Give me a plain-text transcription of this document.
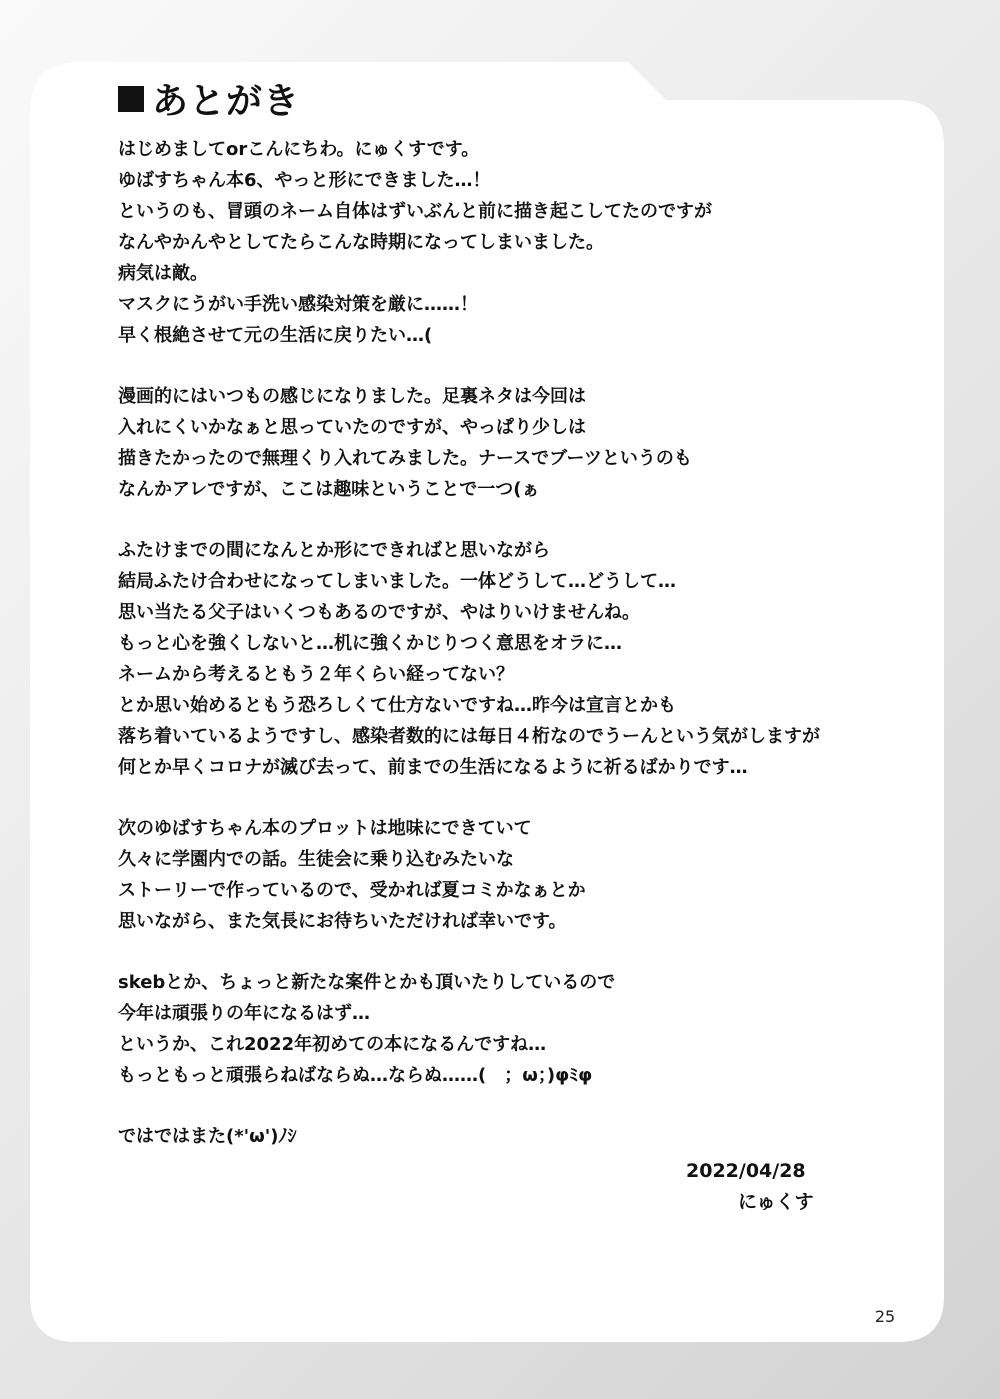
あとがき
はじめましてorこんにちわ。にゅくすです。
ゆばすちゃん本6、やっと形にできました…！
というのも、冒頭のネーム自体はずいぶんと前に描き起こしてたのですが
なんやかんやとしてたらこんな時期になってしまいました。
病気は敵。
マスクにうがい手洗い感染対策を厳に……！
早く根絶させて元の生活に戻りたい…(
漫画的にはいつもの感じになりました。足裏ネタは今回は
入れにくいかなぁと思っていたのですが、やっぱり少しは
描きたかったので無理くり入れてみました。ナースでブーツというのも
なんかアレですが、ここは趣味ということで一つ(ぁ
ふたけまでの間になんとか形にできればと思いながら
結局ふたけ合わせになってしまいました。一体どうして…どうして…
思い当たる父子はいくつもあるのですが、やはりいけませんね。
もっと心を強くしないと…机に強くかじりつく意思をオラに…
ネームから考えるともう２年くらい経ってない？
とか思い始めるともう恐ろしくて仕方ないですね…昨今は宣言とかも
落ち着いているようですし、感染者数的には毎日４桁なのでうーんという気がしますが
何とか早くコロナが滅び去って、前までの生活になるように祈るばかりです…
次のゆばすちゃん本のプロットは地味にできていて
久々に学園内での話。生徒会に乗り込むみたいな
ストーリーで作っているので、受かれば夏コミかなぁとか
思いながら、また気長にお待ちいただければ幸いです。
skebとか、ちょっと新たな案件とかも頂いたりしているので
今年は頑張りの年になるはず…
というか、これ2022年初めての本になるんですね…
もっともっと頑張らねばならぬ…ならぬ……(　；ω；)φﾐφ
ではではまた(*'ω')ﾉｼ
2022/04/28
にゅくす
25
